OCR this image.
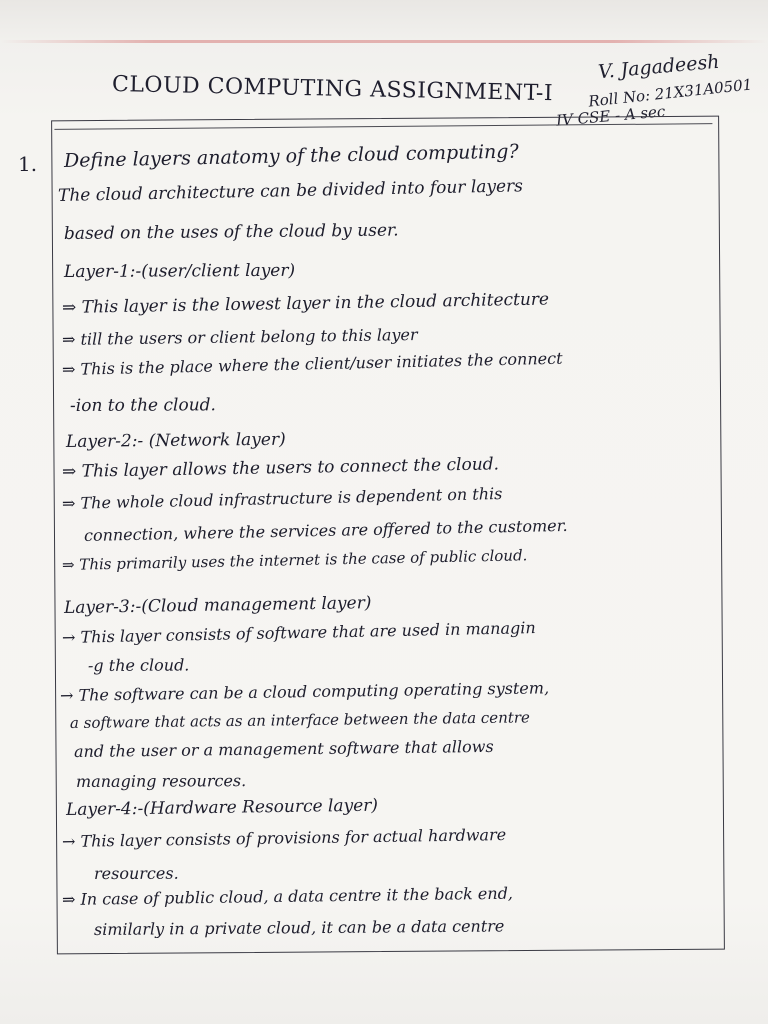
CLOUD COMPUTING ASSIGNMENT-I
V. Jagadeesh
Roll No: 21X31A0501
IV CSE - A sec
1. Define layers anatomy of the cloud computing?
The cloud architecture can be divided into four layers
based on the uses of the cloud by user.
Layer-1:-(user/client layer)
⇒ This layer is the lowest layer in the cloud architecture
⇒ till the users or client belong to this layer
⇒ This is the place where the client/user initiates the connect
-ion to the cloud.
Layer-2:- (Network layer)
⇒ This layer allows the users to connect the cloud.
⇒ The whole cloud infrastructure is dependent on this
connection, where the services are offered to the customer.
⇒ This primarily uses the internet is the case of public cloud.
Layer-3:-(Cloud management layer)
→ This layer consists of software that are used in managin
-g the cloud.
→ The software can be a cloud computing operating system,
a software that acts as an interface between the data centre
and the user or a management software that allows
managing resources.
Layer-4:-(Hardware Resource layer)
→ This layer consists of provisions for actual hardware
resources.
⇒ In case of public cloud, a data centre it the back end,
similarly in a private cloud, it can be a data centre
